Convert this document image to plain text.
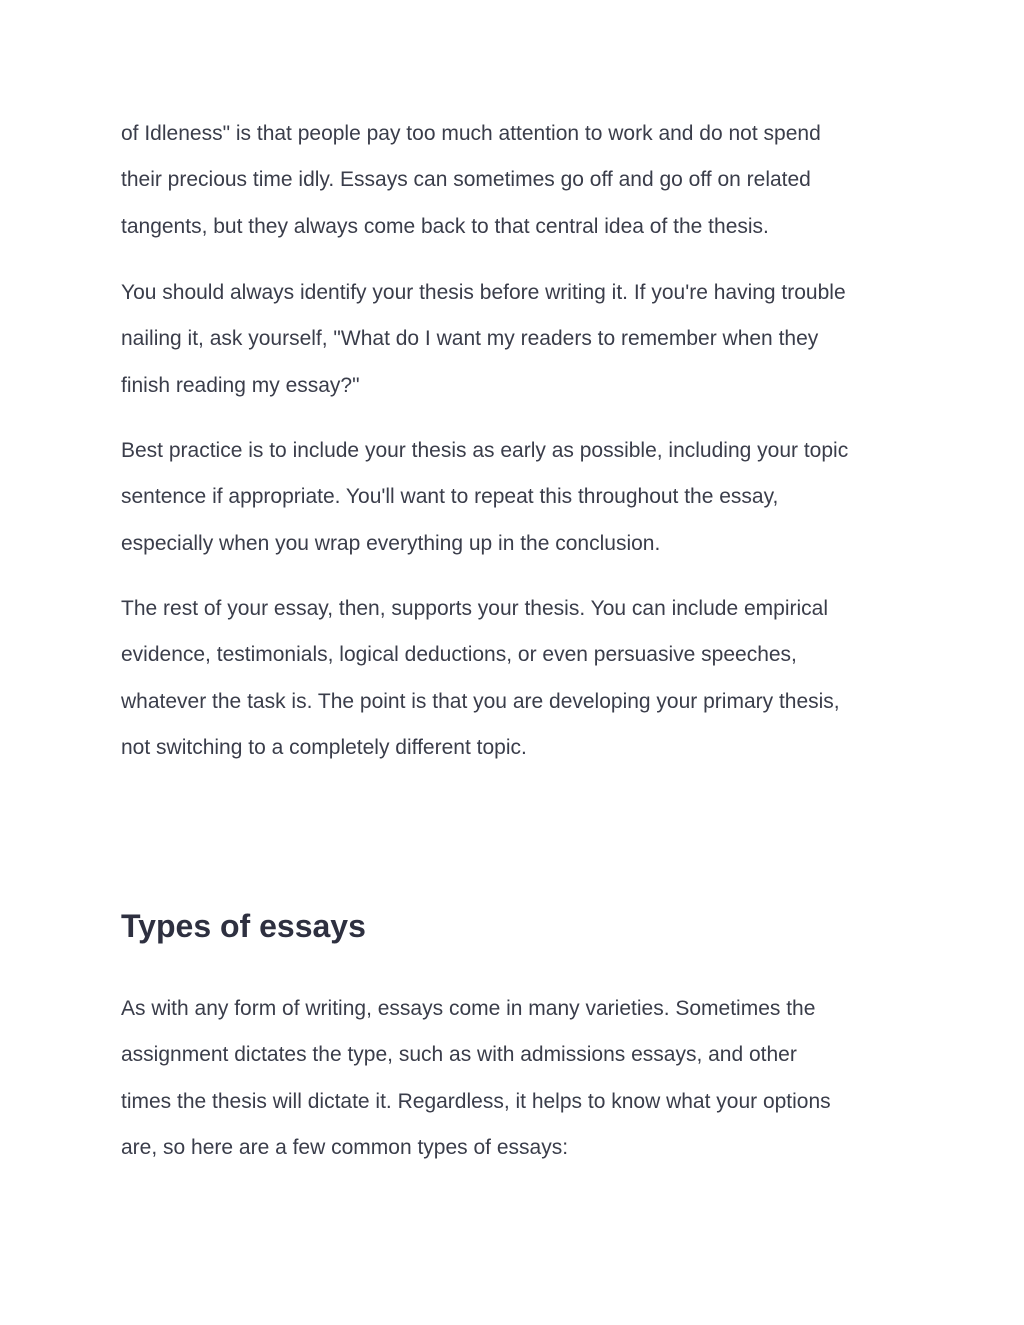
of Idleness" is that people pay too much attention to work and do not spend
their precious time idly. Essays can sometimes go off and go off on related
tangents, but they always come back to that central idea of the thesis.

You should always identify your thesis before writing it. If you're having trouble
nailing it, ask yourself, "What do I want my readers to remember when they
finish reading my essay?"

Best practice is to include your thesis as early as possible, including your topic
sentence if appropriate. You'll want to repeat this throughout the essay,
especially when you wrap everything up in the conclusion.

The rest of your essay, then, supports your thesis. You can include empirical
evidence, testimonials, logical deductions, or even persuasive speeches,
whatever the task is. The point is that you are developing your primary thesis,
not switching to a completely different topic.

Types of essays

As with any form of writing, essays come in many varieties. Sometimes the
assignment dictates the type, such as with admissions essays, and other
times the thesis will dictate it. Regardless, it helps to know what your options
are, so here are a few common types of essays:
